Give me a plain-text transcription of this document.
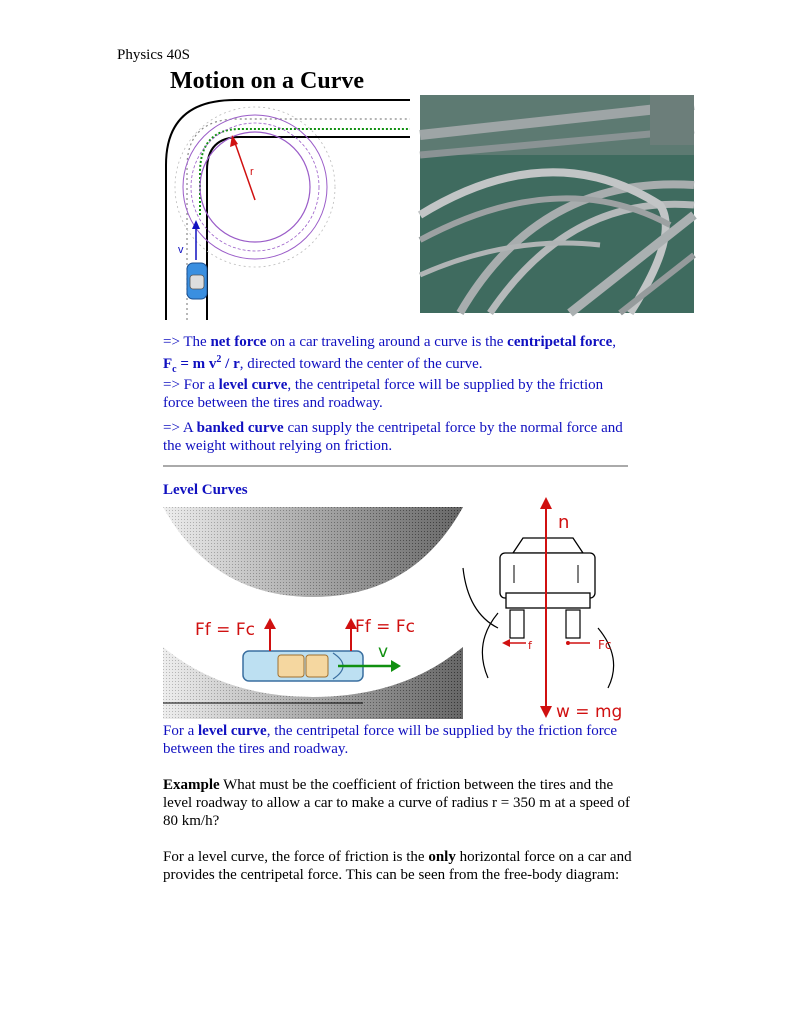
Physics 40S
Motion on a Curve
r
v
=> The net force on a car traveling around a curve is the centripetal force, $F_c = m$ $v^2$ / r, directed toward the center of the curve.
=> For a level curve, the centripetal force will be supplied by the friction force between the tires and roadway.
=> A banked curve can supply the centripetal force by the normal force and the weight without relying on friction.
Level Curves
v
Ff = Fc	Ff = Fc
n
w = mg
f	Fc
For a level curve, the centripetal force will be supplied by the friction force between the tires and roadway.
Example What must be the coefficient of friction between the tires and the level roadway to allow a car to make a curve of radius r = 350 m at a speed of 80 km/h?
For a level curve, the force of friction is the only horizontal force on a car and provides the centripetal force. This can be seen from the free-body diagram:
